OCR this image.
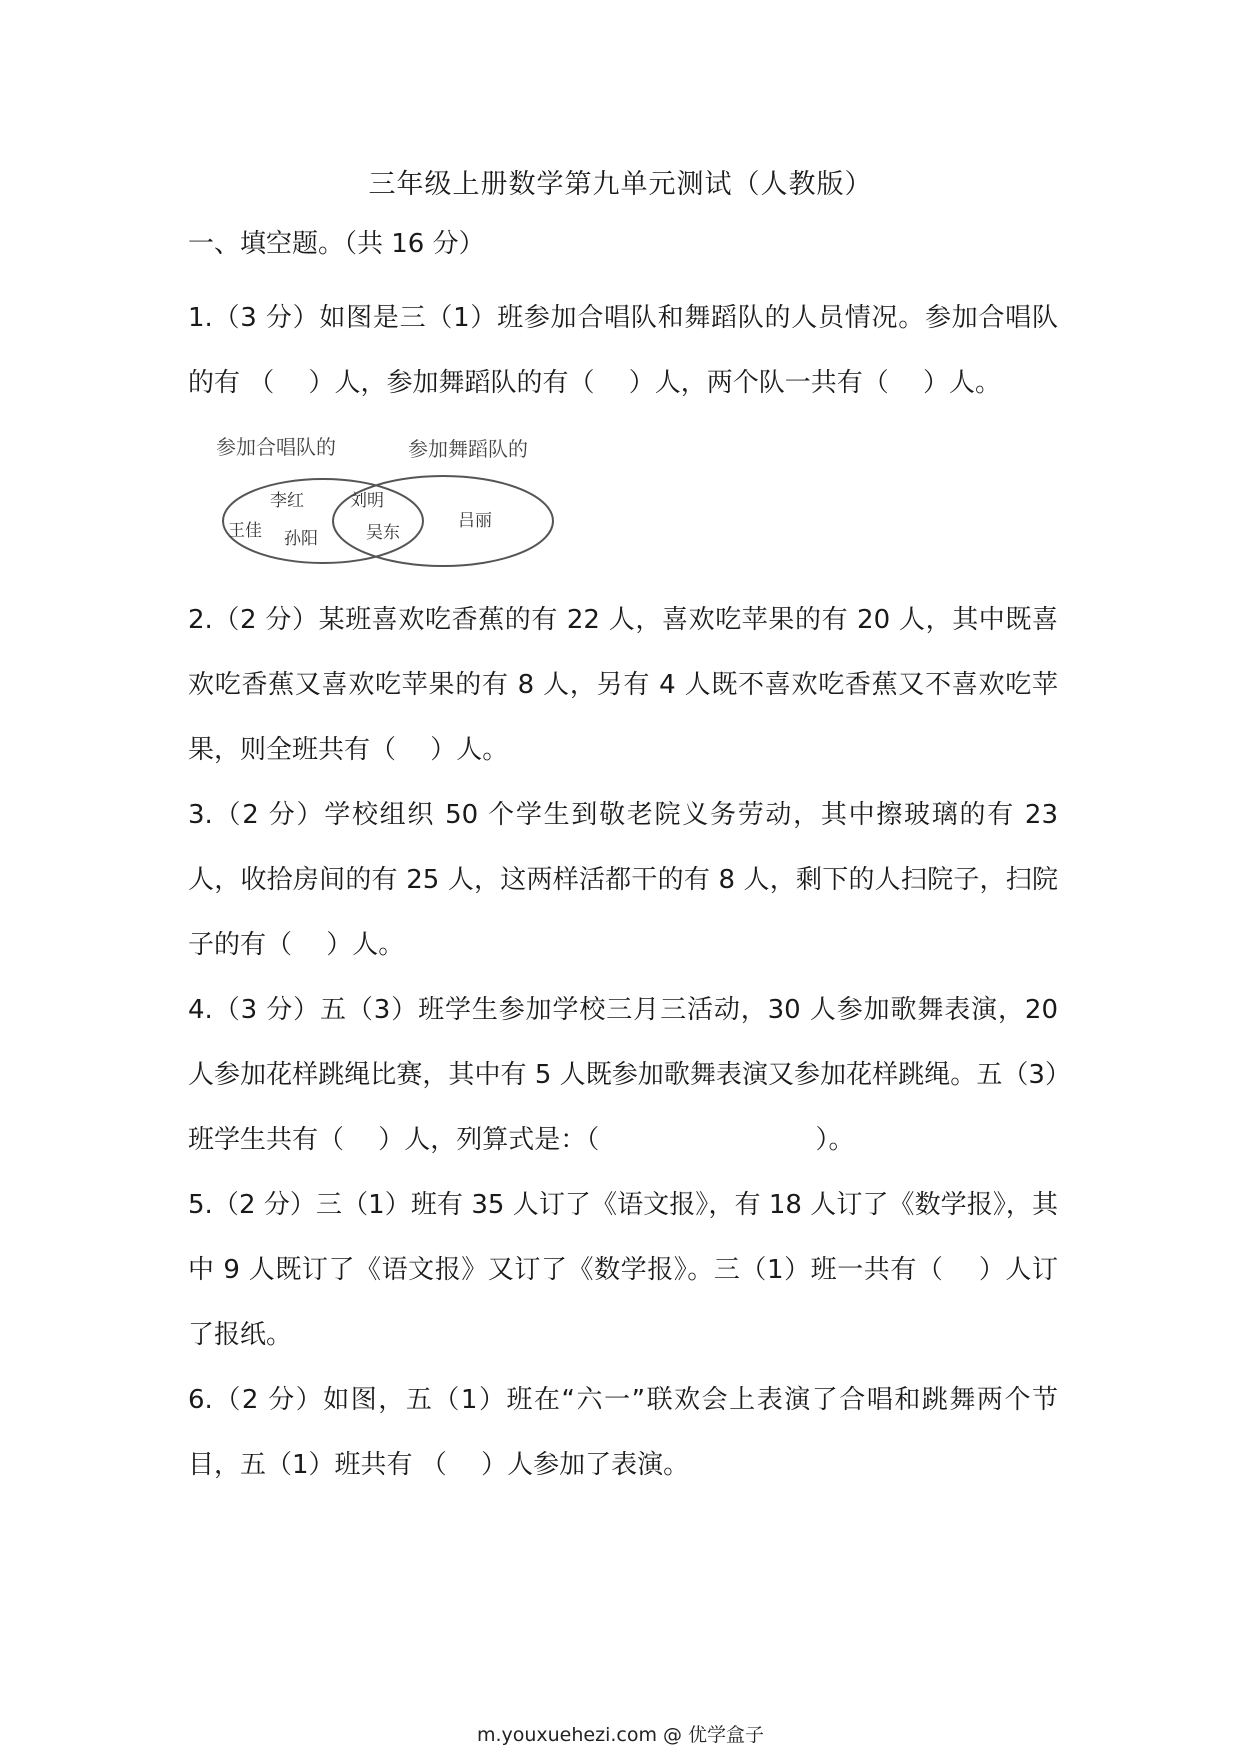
三年级上册数学第九单元测试（人教版）
一、填空题。（共 16 分）

1.（3 分）如图是三（1）班参加合唱队和舞蹈队的人员情况。参加合唱队的有 （　 ）人，参加舞蹈队的有（　 ）人，两个队一共有（　 ）人。

参加合唱队的	参加舞蹈队的
李红
王佳 孙阳
刘明
吴东
吕丽

2.（2 分）某班喜欢吃香蕉的有 22 人，喜欢吃苹果的有 20 人，其中既喜欢吃香蕉又喜欢吃苹果的有 8 人，另有 4 人既不喜欢吃香蕉又不喜欢吃苹果，则全班共有（　 ）人。

3.（2 分）学校组织 50 个学生到敬老院义务劳动，其中擦玻璃的有 23 人，收拾房间的有 25 人，这两样活都干的有 8 人，剩下的人扫院子，扫院子的有（　 ）人。

4.（3 分）五（3）班学生参加学校三月三活动，30 人参加歌舞表演，20 人参加花样跳绳比赛，其中有 5 人既参加歌舞表演又参加花样跳绳。五（3）班学生共有（　 ）人，列算式是：（　　　　　　　　 ）。

5.（2 分）三（1）班有 35 人订了《语文报》，有 18 人订了《数学报》，其中 9 人既订了《语文报》又订了《数学报》。三（1）班一共有（　 ）人订了报纸。

6.（2 分）如图，五（1）班在“六一”联欢会上表演了合唱和跳舞两个节目，五（1）班共有 （　 ）人参加了表演。

m.youxuehezi.com @ 优学盒子
